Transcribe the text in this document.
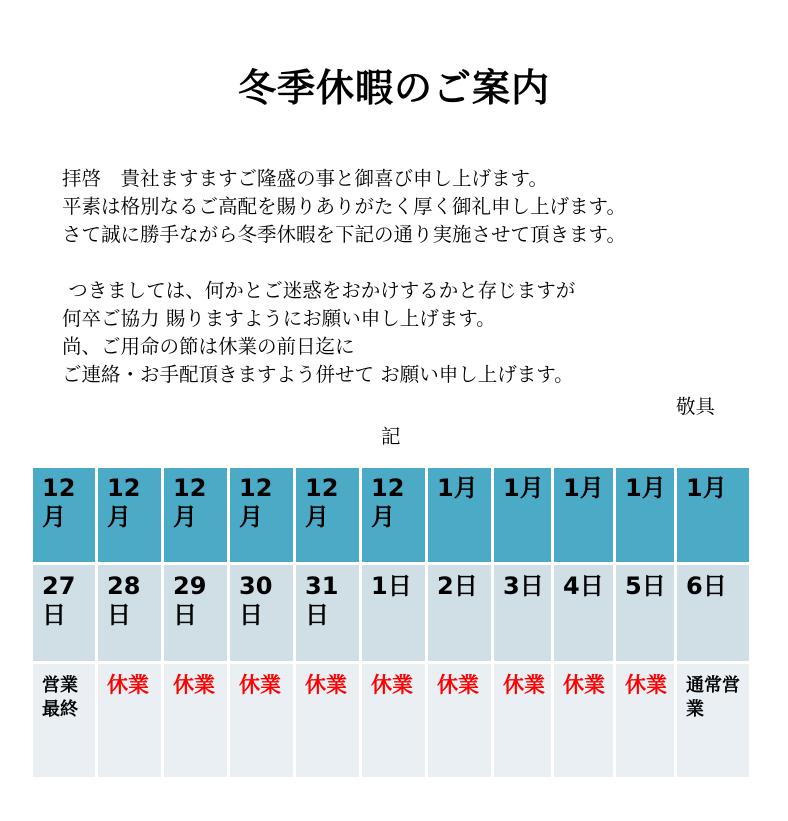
冬季休暇のご案内
拝啓　貴社ますますご隆盛の事と御喜び申し上げます。
平素は格別なるご高配を賜りありがたく厚く御礼申し上げます。
さて誠に勝手ながら冬季休暇を下記の通り実施させて頂きます。
つきましては、何かとご迷惑をおかけするかと存じますが
何卒ご協力 賜りますようにお願い申し上げます。
尚、ご用命の節は休業の前日迄に
ご連絡・お手配頂きますよう併せて お願い申し上げます。
敬具
記
12月	12月	12月	12月	12月	12月	1月	1月	1月	1月	1月

27日	28日	29日	30日	31日	1日	2日	3日	4日	5日	6日

営業最終	休業	休業	休業	休業	休業	休業	休業	休業	休業	通常営業
